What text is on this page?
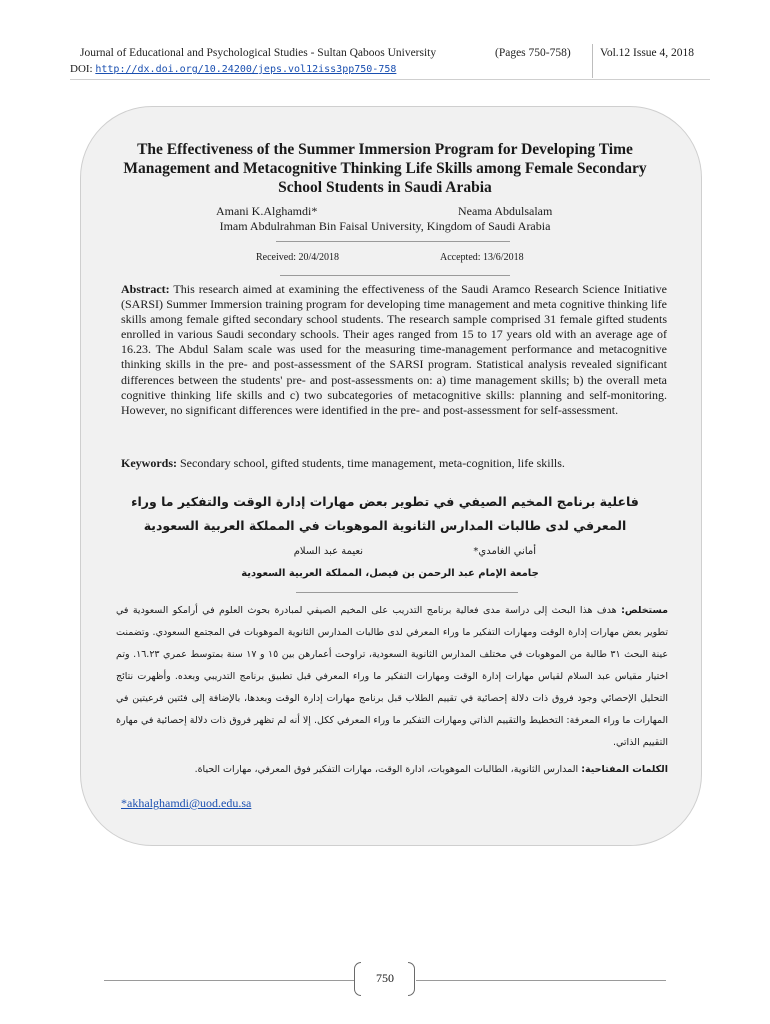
Journal of Educational and Psychological Studies - Sultan Qaboos University	(Pages 750-758)	Vol.12 Issue 4, 2018
DOI: http://dx.doi.org/10.24200/jeps.vol12iss3pp750-758
The Effectiveness of the Summer Immersion Program for Developing Time Management and Metacognitive Thinking Life Skills among Female Secondary School Students in Saudi Arabia
Amani K.Alghamdi*	Neama Abdulsalam
Imam Abdulrahman Bin Faisal University, Kingdom of Saudi Arabia
Received: 20/4/2018	Accepted: 13/6/2018

Abstract: This research aimed at examining the effectiveness of the Saudi Aramco Research Science Initiative (SARSI) Summer Immersion training program for developing time management and meta cognitive thinking life skills among female gifted secondary school students. The research sample comprised 31 female gifted students enrolled in various Saudi secondary schools. Their ages ranged from 15 to 17 years old with an average age of 16.23. The Abdul Salam scale was used for the measuring time-management performance and metacognitive thinking skills in the pre- and post-assessment of the SARSI program. Statistical analysis revealed significant differences between the students' pre- and post-assessments on: a) time management skills; b) the overall meta cognitive thinking life skills and c) two subcategories of metacognitive skills: planning and self-monitoring. However, no significant differences were identified in the pre- and post-assessment for self-assessment.

Keywords: Secondary school, gifted students, time management, meta-cognition, life skills.

فاعلية برنامج المخيم الصيفي في تطوير بعض مهارات إدارة الوقت والتفكير ما وراء المعرفي لدى طالبات المدارس الثانوية الموهوبات في المملكة العربية السعودية
أماني الغامدي*
نعيمة عبد السلام
جامعة الإمام عبد الرحمن بن فيصل، المملكة العربية السعودية

مستخلص: هدف هذا البحث إلى دراسة مدى فعالية برنامج التدريب على المخيم الصيفي لمبادرة بحوث العلوم في أرامكو السعودية في تطوير بعض مهارات إدارة الوقت ومهارات التفكير ما وراء المعرفي لدى طالبات المدارس الثانوية الموهوبات في المجتمع السعودي. وتضمنت عينة البحث ٣١ طالبة من الموهوبات في مختلف المدارس الثانوية السعودية، تراوحت أعمارهن بين ١٥ و ١٧ سنة بمتوسط عمري ١٦.٢٣. وتم اختيار مقياس عبد السلام لقياس مهارات إدارة الوقت ومهارات التفكير ما وراء المعرفي قبل تطبيق برنامج التدريبي وبعده. وأظهرت نتائج التحليل الإحصائي وجود فروق ذات دلالة إحصائية في تقييم الطلاب قبل برنامج مهارات إدارة الوقت وبعدها، بالإضافة إلى فئتين فرعيتين في المهارات ما وراء المعرفة: التخطيط والتقييم الذاتي ومهارات التفكير ما وراء المعرفي ككل. إلا أنه لم تظهر فروق ذات دلالة إحصائية في مهارة التقييم الذاتي.

الكلمات المفتاحية: المدارس الثانوية، الطالبات الموهوبات، ادارة الوقت، مهارات التفكير فوق المعرفي، مهارات الحياة.

*akhalghamdi@uod.edu.sa
750
